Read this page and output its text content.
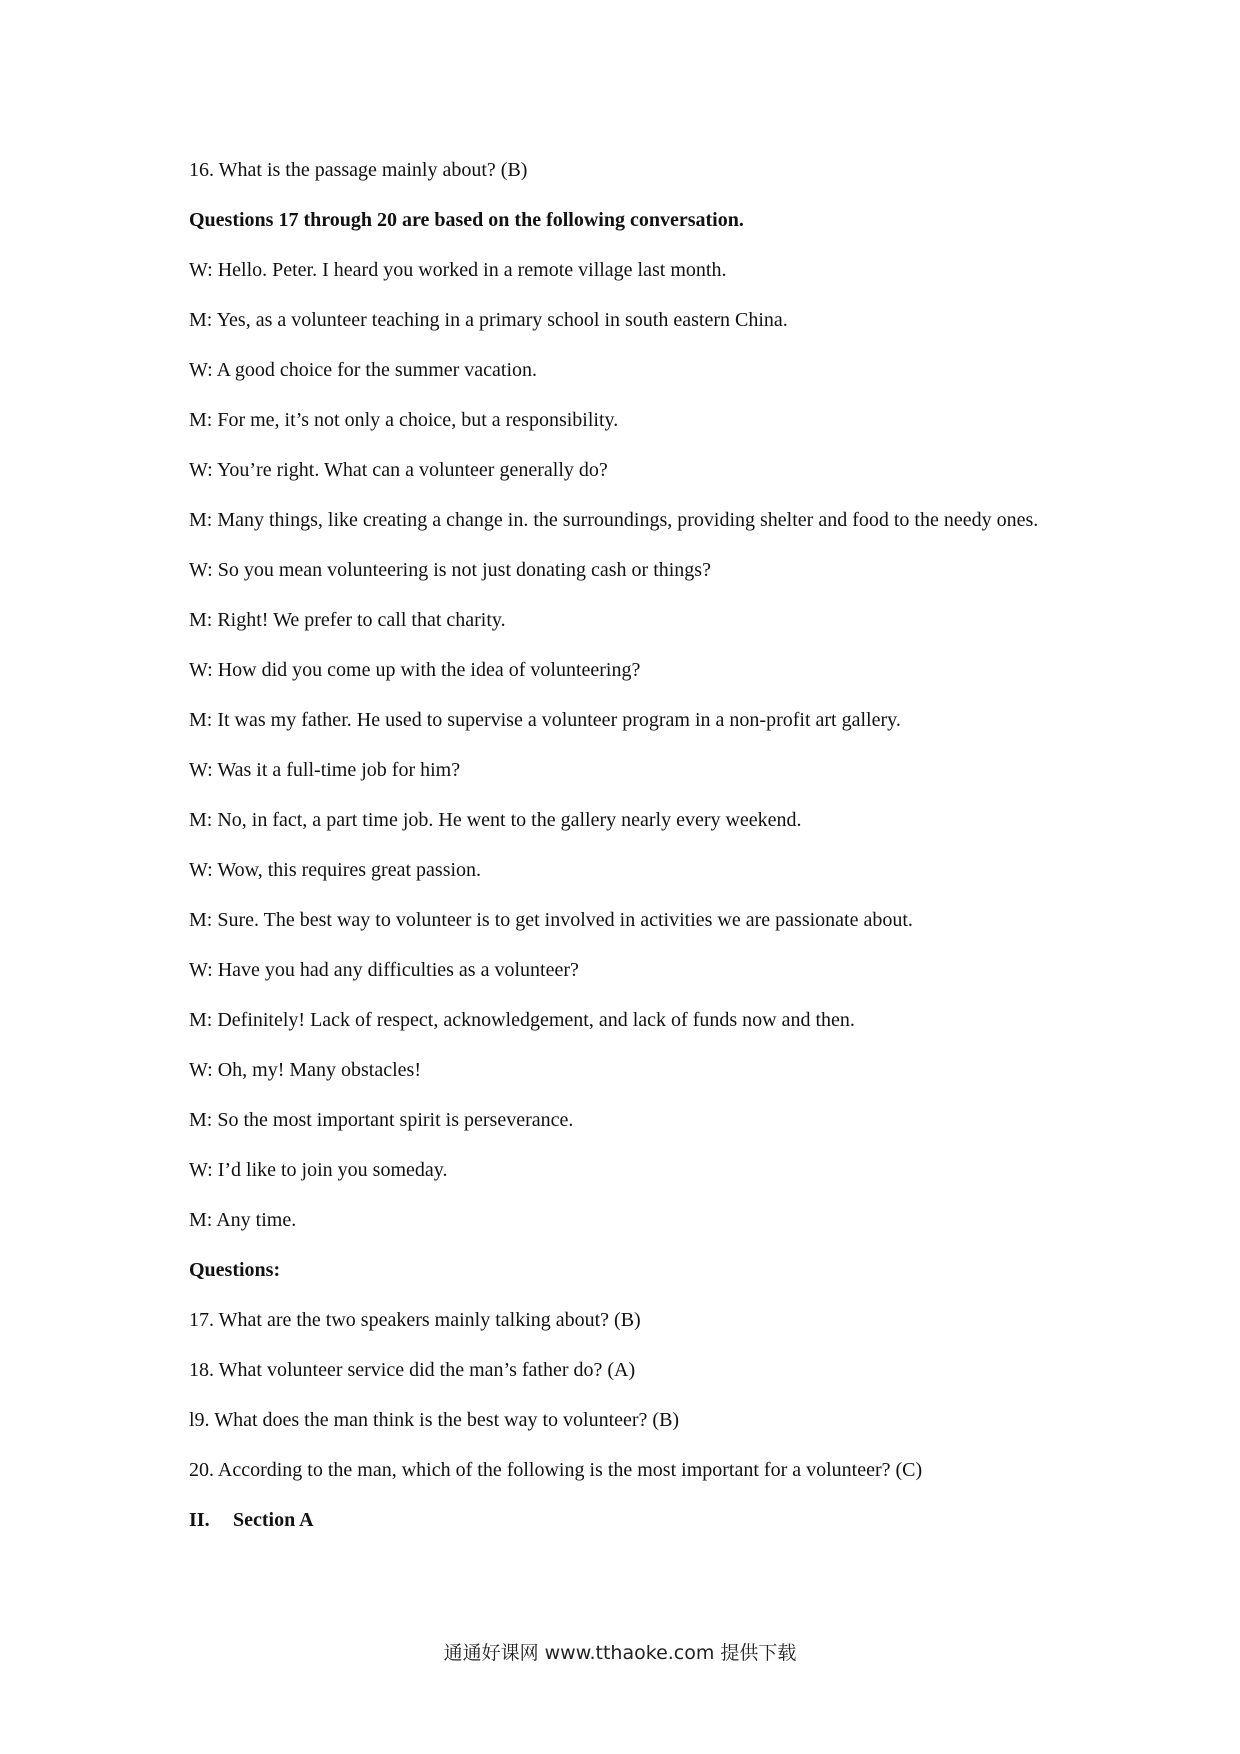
16. What is the passage mainly about? (B)
Questions 17 through 20 are based on the following conversation.
W: Hello. Peter. I heard you worked in a remote village last month.
M: Yes, as a volunteer teaching in a primary school in south eastern China.
W: A good choice for the summer vacation.
M: For me, it’s not only a choice, but a responsibility.
W: You’re right. What can a volunteer generally do?
M: Many things, like creating a change in. the surroundings, providing shelter and food to the needy ones.
W: So you mean volunteering is not just donating cash or things?
M: Right! We prefer to call that charity.
W: How did you come up with the idea of volunteering?
M: It was my father. He used to supervise a volunteer program in a non-profit art gallery.
W: Was it a full-time job for him?
M: No, in fact, a part time job. He went to the gallery nearly every weekend.
W: Wow, this requires great passion.
M: Sure. The best way to volunteer is to get involved in activities we are passionate about.
W: Have you had any difficulties as a volunteer?
M: Definitely! Lack of respect, acknowledgement, and lack of funds now and then.
W: Oh, my! Many obstacles!
M: So the most important spirit is perseverance.
W: I’d like to join you someday.
M: Any time.
Questions:
17. What are the two speakers mainly talking about? (B)
18. What volunteer service did the man’s father do? (A)
l9. What does the man think is the best way to volunteer? (B)
20. According to the man, which of the following is the most important for a volunteer? (C)
II. Section A
通通好课网 www.tthaoke.com 提供下载
